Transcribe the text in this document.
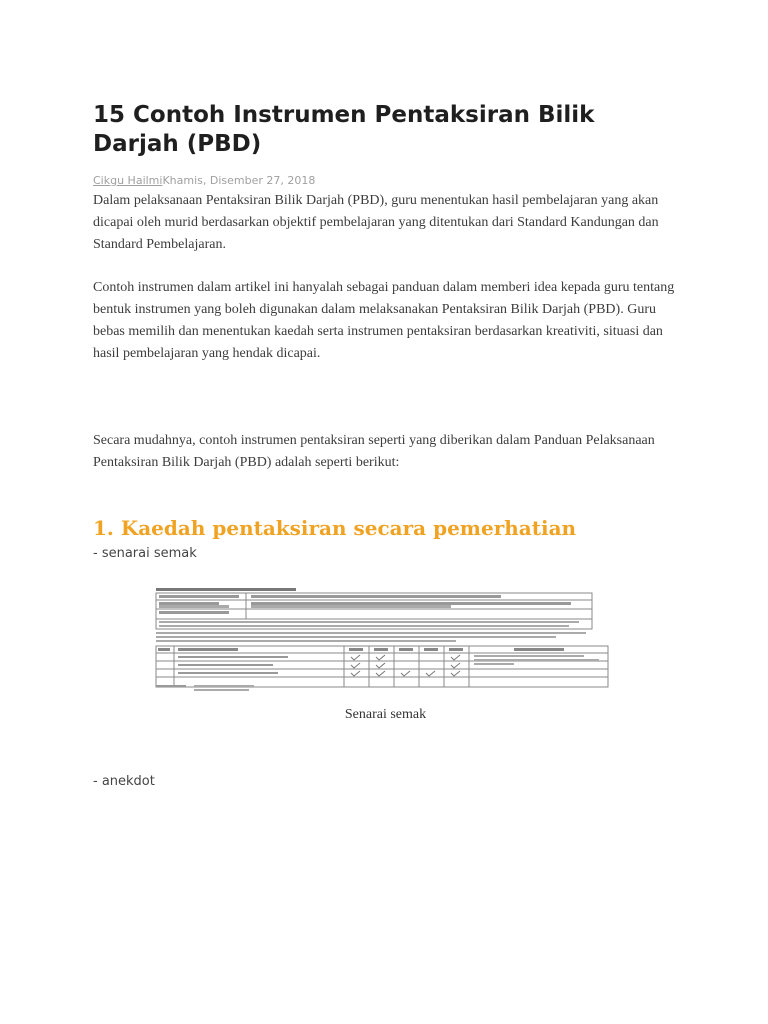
15 Contoh Instrumen Pentaksiran Bilik Darjah (PBD)
Cikgu HailmiKhamis, Disember 27, 2018

Dalam pelaksanaan Pentaksiran Bilik Darjah (PBD), guru menentukan hasil pembelajaran yang akan dicapai oleh murid berdasarkan objektif pembelajaran yang ditentukan dari Standard Kandungan dan Standard Pembelajaran.

Contoh instrumen dalam artikel ini hanyalah sebagai panduan dalam memberi idea kepada guru tentang bentuk instrumen yang boleh digunakan dalam melaksanakan Pentaksiran Bilik Darjah (PBD). Guru bebas memilih dan menentukan kaedah serta instrumen pentaksiran berdasarkan kreativiti, situasi dan hasil pembelajaran yang hendak dicapai.

Secara mudahnya, contoh instrumen pentaksiran seperti yang diberikan dalam Panduan Pelaksanaan Pentaksiran Bilik Darjah (PBD) adalah seperti berikut:

1. Kaedah pentaksiran secara pemerhatian
- senarai semak
Senarai semak
- anekdot
